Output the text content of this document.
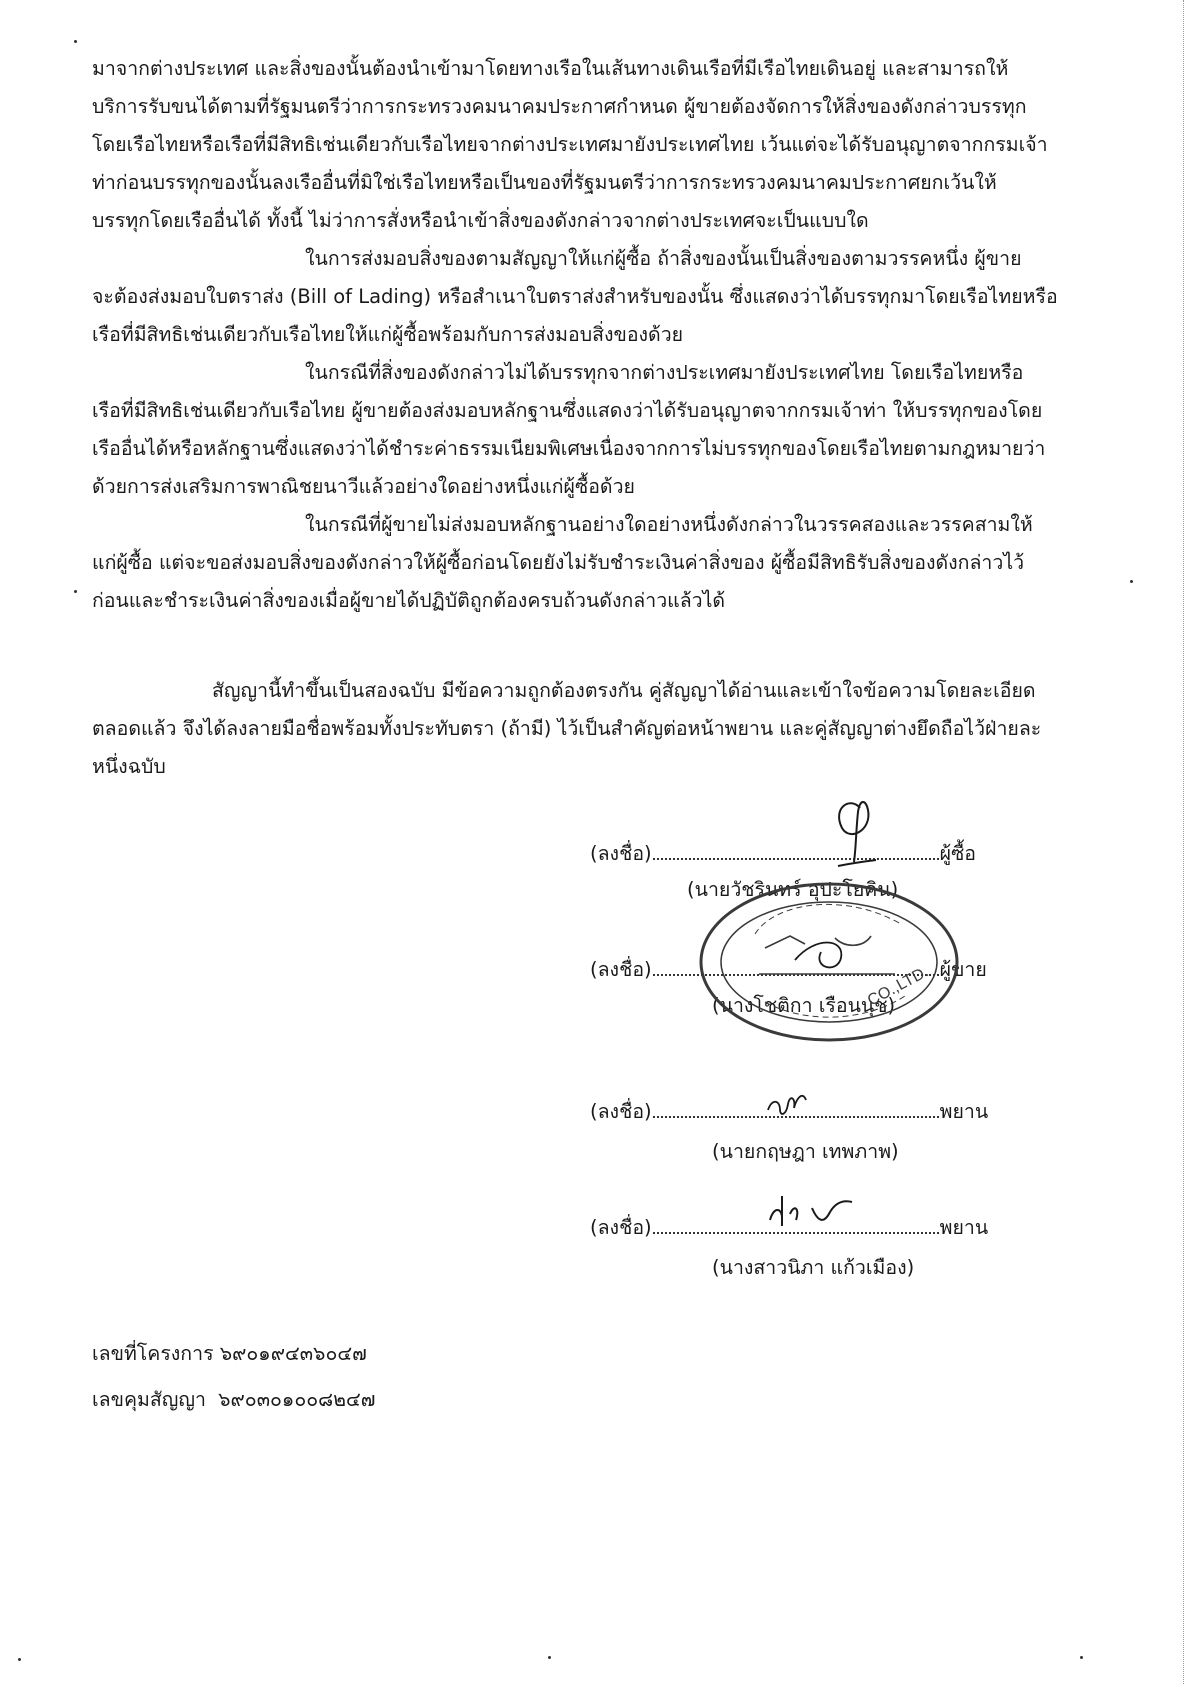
มาจากต่างประเทศ และสิ่งของนั้นต้องนำเข้ามาโดยทางเรือในเส้นทางเดินเรือที่มีเรือไทยเดินอยู่ และสามารถให้
บริการรับขนได้ตามที่รัฐมนตรีว่าการกระทรวงคมนาคมประกาศกำหนด ผู้ขายต้องจัดการให้สิ่งของดังกล่าวบรรทุก
โดยเรือไทยหรือเรือที่มีสิทธิเช่นเดียวกับเรือไทยจากต่างประเทศมายังประเทศไทย เว้นแต่จะได้รับอนุญาตจากกรมเจ้า
ท่าก่อนบรรทุกของนั้นลงเรืออื่นที่มิใช่เรือไทยหรือเป็นของที่รัฐมนตรีว่าการกระทรวงคมนาคมประกาศยกเว้นให้
บรรทุกโดยเรืออื่นได้ ทั้งนี้ ไม่ว่าการสั่งหรือนำเข้าสิ่งของดังกล่าวจากต่างประเทศจะเป็นแบบใด
ในการส่งมอบสิ่งของตามสัญญาให้แก่ผู้ซื้อ ถ้าสิ่งของนั้นเป็นสิ่งของตามวรรคหนึ่ง ผู้ขาย
จะต้องส่งมอบใบตราส่ง (Bill of Lading) หรือสำเนาใบตราส่งสำหรับของนั้น ซึ่งแสดงว่าได้บรรทุกมาโดยเรือไทยหรือ
เรือที่มีสิทธิเช่นเดียวกับเรือไทยให้แก่ผู้ซื้อพร้อมกับการส่งมอบสิ่งของด้วย
ในกรณีที่สิ่งของดังกล่าวไม่ได้บรรทุกจากต่างประเทศมายังประเทศไทย โดยเรือไทยหรือ
เรือที่มีสิทธิเช่นเดียวกับเรือไทย ผู้ขายต้องส่งมอบหลักฐานซึ่งแสดงว่าได้รับอนุญาตจากกรมเจ้าท่า ให้บรรทุกของโดย
เรืออื่นได้หรือหลักฐานซึ่งแสดงว่าได้ชำระค่าธรรมเนียมพิเศษเนื่องจากการไม่บรรทุกของโดยเรือไทยตามกฎหมายว่า
ด้วยการส่งเสริมการพาณิชยนาวีแล้วอย่างใดอย่างหนึ่งแก่ผู้ซื้อด้วย
ในกรณีที่ผู้ขายไม่ส่งมอบหลักฐานอย่างใดอย่างหนึ่งดังกล่าวในวรรคสองและวรรคสามให้
แก่ผู้ซื้อ แต่จะขอส่งมอบสิ่งของดังกล่าวให้ผู้ซื้อก่อนโดยยังไม่รับชำระเงินค่าสิ่งของ ผู้ซื้อมีสิทธิรับสิ่งของดังกล่าวไว้
ก่อนและชำระเงินค่าสิ่งของเมื่อผู้ขายได้ปฏิบัติถูกต้องครบถ้วนดังกล่าวแล้วได้
สัญญานี้ทำขึ้นเป็นสองฉบับ มีข้อความถูกต้องตรงกัน คู่สัญญาได้อ่านและเข้าใจข้อความโดยละเอียด
ตลอดแล้ว จึงได้ลงลายมือชื่อพร้อมทั้งประทับตรา (ถ้ามี) ไว้เป็นสำคัญต่อหน้าพยาน และคู่สัญญาต่างยึดถือไว้ฝ่ายละ
หนึ่งฉบับ
(ลงชื่อ)	ผู้ซื้อ
(นายวัชรินทร์ อุปะโยคิน)
(ลงชื่อ)	ผู้ขาย
(นางโชติกา เรือนนุช)
CO.,LTD.
(ลงชื่อ)	พยาน
(นายกฤษฎา เทพภาพ)
(ลงชื่อ)	พยาน
(นางสาวนิภา แก้วเมือง)
เลขที่โครงการ ๖๙๐๑๙๔๓๖๐๔๗
เลขคุมสัญญา ๖๙๐๓๐๑๐๐๘๒๔๗
